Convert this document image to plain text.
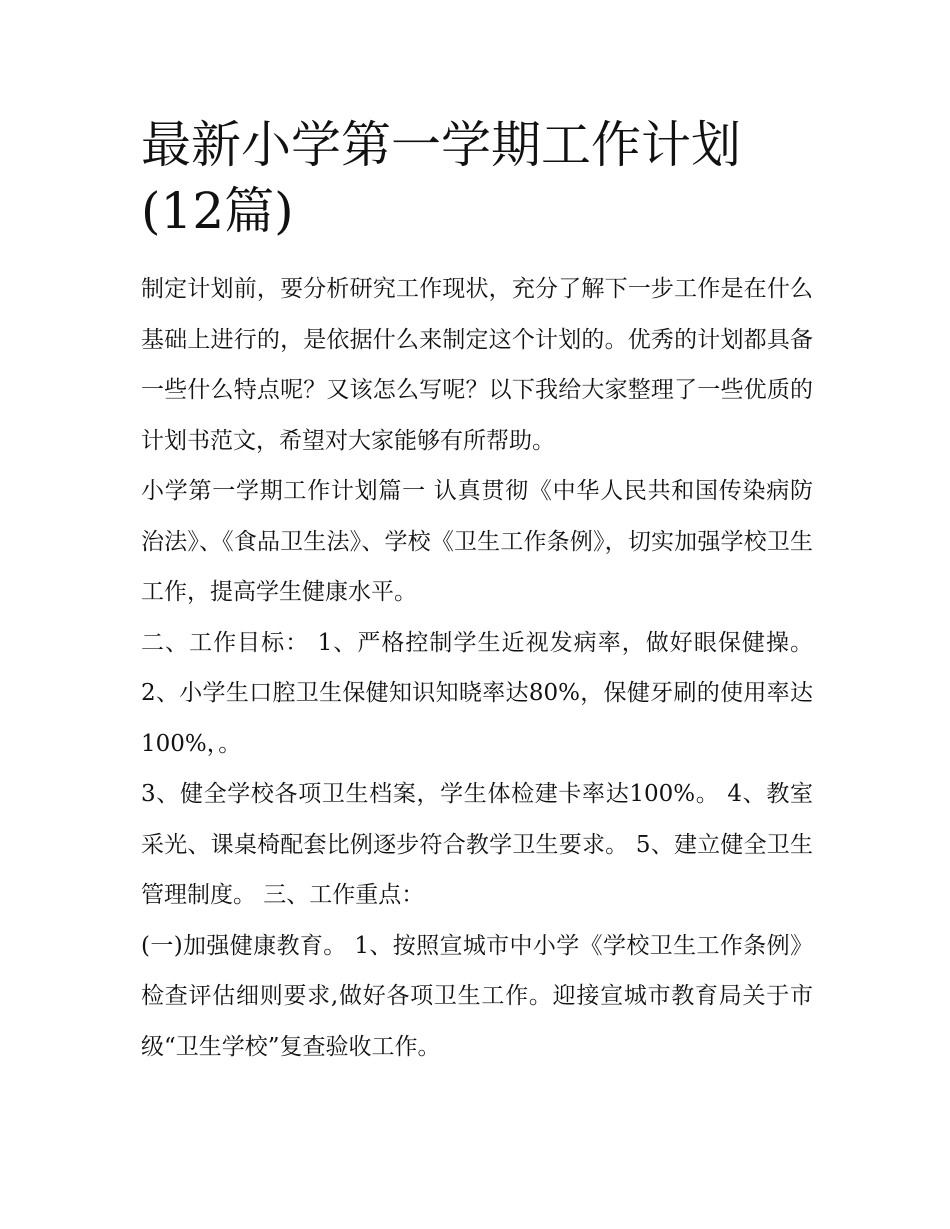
最新小学第一学期工作计划(12篇)

制定计划前，要分析研究工作现状，充分了解下一步工作是在什么基础上进行的，是依据什么来制定这个计划的。优秀的计划都具备一些什么特点呢？又该怎么写呢？以下我给大家整理了一些优质的计划书范文，希望对大家能够有所帮助。

小学第一学期工作计划篇一 认真贯彻《中华人民共和国传染病防治法》、《食品卫生法》、学校《卫生工作条例》，切实加强学校卫生工作，提高学生健康水平。

二、工作目标： 1、严格控制学生近视发病率，做好眼保健操。 2、小学生口腔卫生保健知识知晓率达80%，保健牙刷的使用率达100%，。

3、健全学校各项卫生档案，学生体检建卡率达100%。 4、教室采光、课桌椅配套比例逐步符合教学卫生要求。 5、建立健全卫生管理制度。 三、工作重点：

(一)加强健康教育。 1、按照宣城市中小学《学校卫生工作条例》检查评估细则要求,做好各项卫生工作。迎接宣城市教育局关于市级“卫生学校”复查验收工作。
